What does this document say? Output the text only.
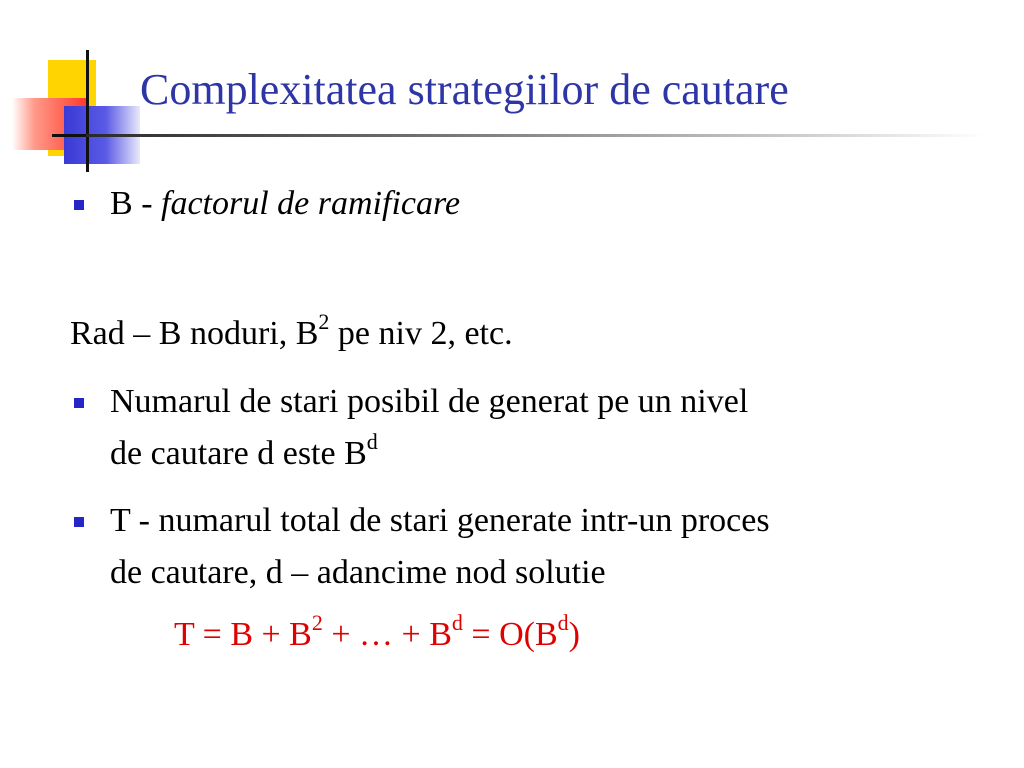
Complexitatea strategiilor de cautare
B - factorul de ramificare
Rad – B noduri, $B^2$ pe niv 2, etc.
Numarul de stari posibil de generat pe un nivel
de cautare d este $B^d$
T - numarul total de stari generate intr-un proces
de cautare, d – adancime nod solutie
$T = B + B^2$ + … + $B^d = O(B^d)$
